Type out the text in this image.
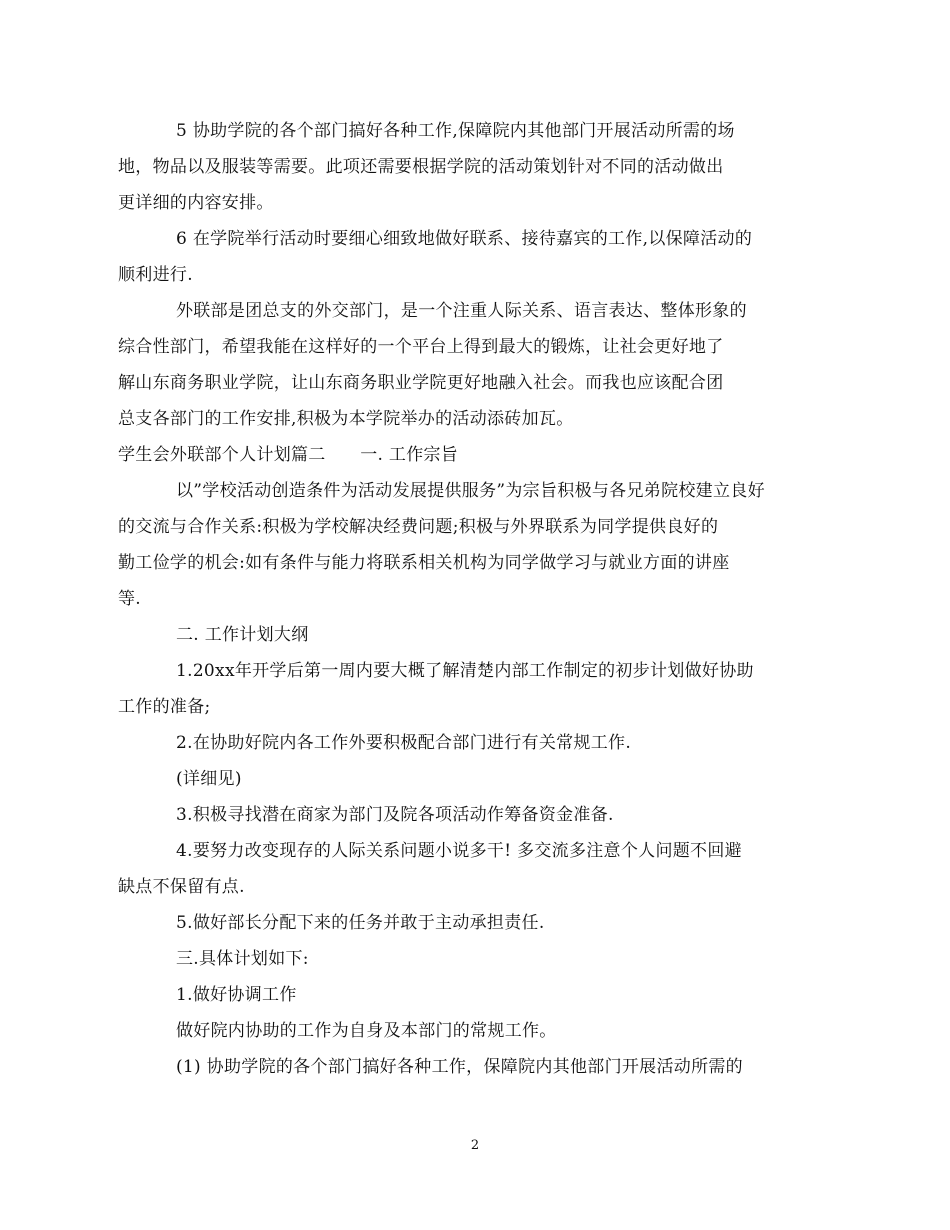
5 协助学院的各个部门搞好各种工作,保障院内其他部门开展活动所需的场
地，物品以及服装等需要。此项还需要根据学院的活动策划针对不同的活动做出
更详细的内容安排。
6 在学院举行活动时要细心细致地做好联系、接待嘉宾的工作,以保障活动的
顺利进行.
外联部是团总支的外交部门，是一个注重人际关系、语言表达、整体形象的
综合性部门，希望我能在这样好的一个平台上得到最大的锻炼，让社会更好地了
解山东商务职业学院，让山东商务职业学院更好地融入社会。而我也应该配合团
总支各部门的工作安排,积极为本学院举办的活动添砖加瓦。
学生会外联部个人计划篇二　　一. 工作宗旨
以”学校活动创造条件为活动发展提供服务”为宗旨积极与各兄弟院校建立良好
的交流与合作关系:积极为学校解决经费问题;积极与外界联系为同学提供良好的
勤工俭学的机会:如有条件与能力将联系相关机构为同学做学习与就业方面的讲座
等.
二. 工作计划大纲
1.20xx年开学后第一周内要大概了解清楚内部工作制定的初步计划做好协助
工作的准备;
2.在协助好院内各工作外要积极配合部门进行有关常规工作.
(详细见)
3.积极寻找潜在商家为部门及院各项活动作筹备资金准备.
4.要努力改变现存的人际关系问题小说多干! 多交流多注意个人问题不回避
缺点不保留有点.
5.做好部长分配下来的任务并敢于主动承担责任.
三.具体计划如下:
1.做好协调工作
做好院内协助的工作为自身及本部门的常规工作。
(1) 协助学院的各个部门搞好各种工作，保障院内其他部门开展活动所需的
2
